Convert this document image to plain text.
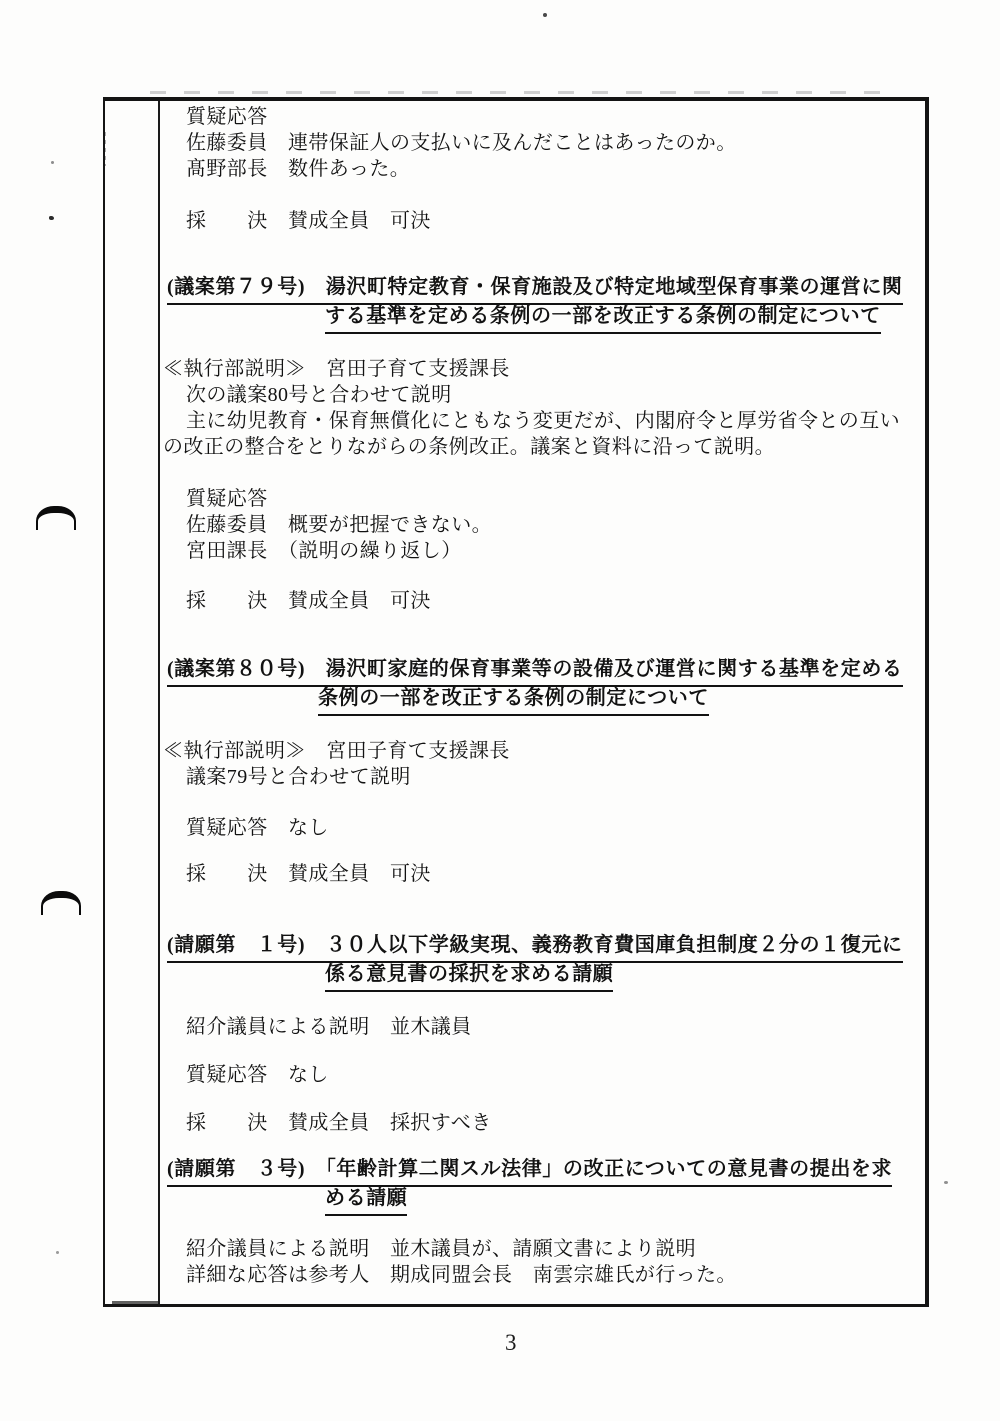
質疑応答
佐藤委員　連帯保証人の支払いに及んだことはあったのか。
髙野部長　数件あった。
採　　決　賛成全員　可決
(議案第７９号)　湯沢町特定教育・保育施設及び特定地域型保育事業の運営に関
する基準を定める条例の一部を改正する条例の制定について
≪執行部説明≫　宮田子育て支援課長
次の議案80号と合わせて説明
主に幼児教育・保育無償化にともなう変更だが、内閣府令と厚労省令との互い
の改正の整合をとりながらの条例改正。議案と資料に沿って説明。
質疑応答
佐藤委員　概要が把握できない。
宮田課長　（説明の繰り返し）
採　　決　賛成全員　可決
(議案第８０号)　湯沢町家庭的保育事業等の設備及び運営に関する基準を定める
条例の一部を改正する条例の制定について
≪執行部説明≫　宮田子育て支援課長
議案79号と合わせて説明
質疑応答　なし
採　　決　賛成全員　可決
(請願第　１号)　３０人以下学級実現、義務教育費国庫負担制度２分の１復元に
係る意見書の採択を求める請願
紹介議員による説明　並木議員
質疑応答　なし
採　　決　賛成全員　採択すべき
(請願第　３号)　「年齢計算二関スル法律」の改正についての意見書の提出を求
める請願
紹介議員による説明　並木議員が、請願文書により説明
詳細な応答は参考人　期成同盟会長　南雲宗雄氏が行った。
3
